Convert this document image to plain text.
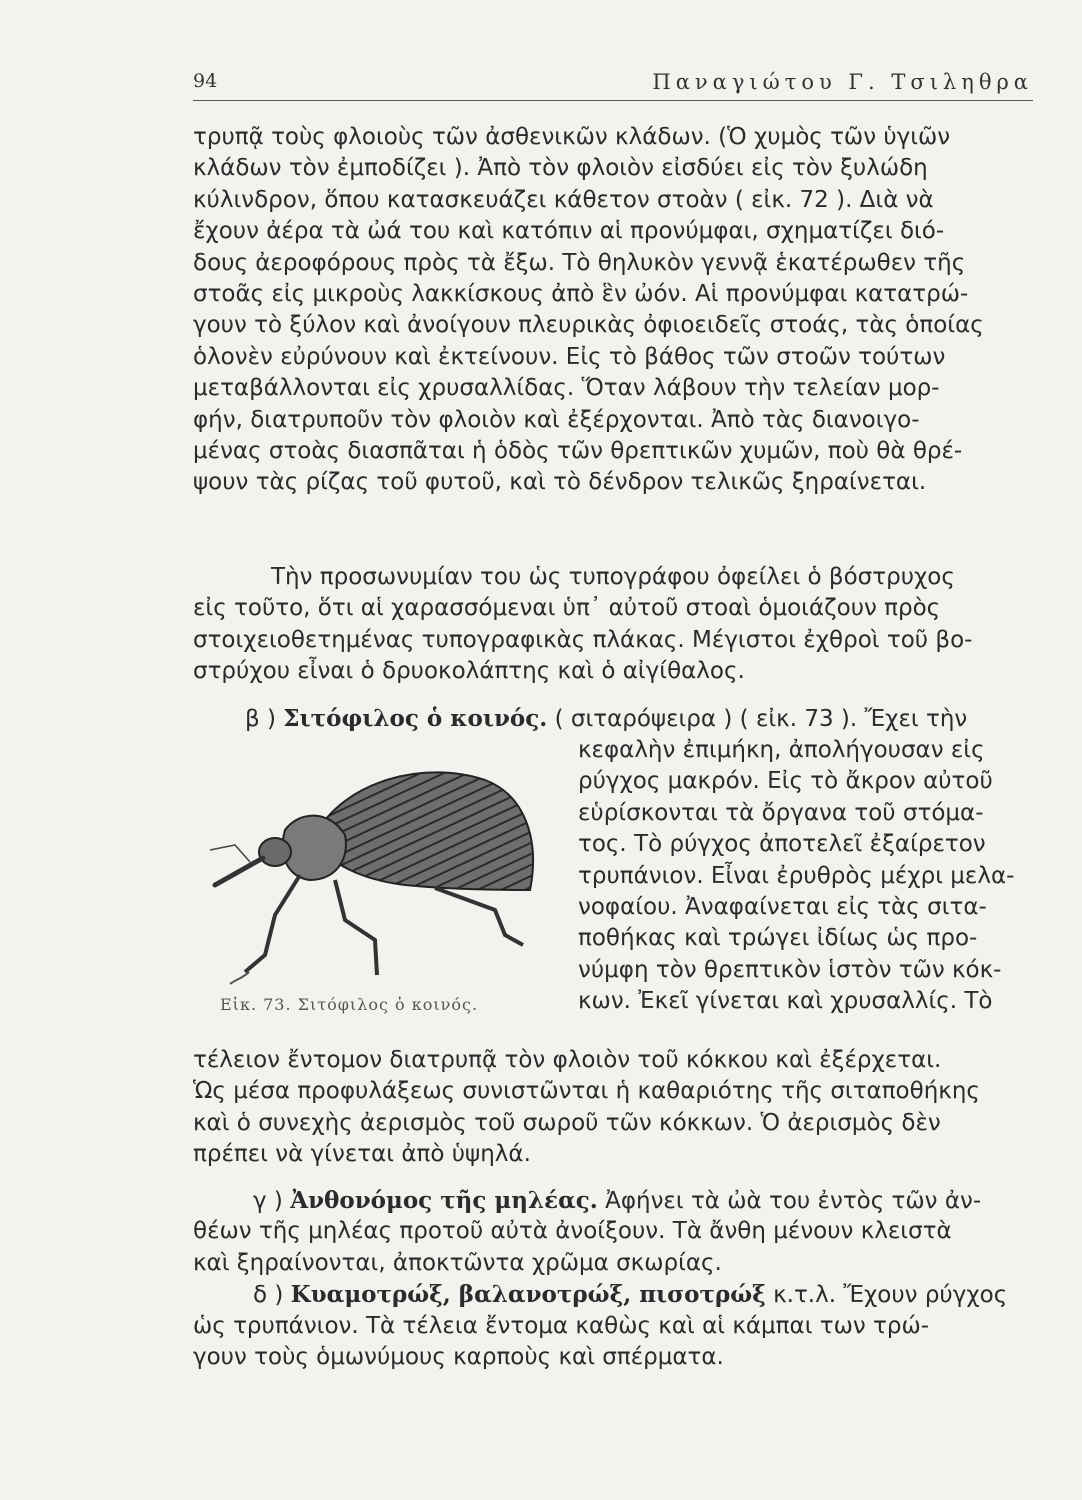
94	Παναγιώτου Γ. Τσιληθρα
τρυπᾷ τοὺς φλοιοὺς τῶν ἀσθενικῶν κλάδων. (Ὁ χυμὸς τῶν ὑγιῶν
κλάδων τὸν ἐμποδίζει ). Ἀπὸ τὸν φλοιὸν εἰσδύει εἰς τὸν ξυλώδη
κύλινδρον, ὅπου κατασκευάζει κάθετον στοὰν ( εἰκ. 72 ). Διὰ νὰ
ἔχουν ἀέρα τὰ ὠά του καὶ κατόπιν αἱ προνύμφαι, σχηματίζει διό-
δους ἀεροφόρους πρὸς τὰ ἔξω. Τὸ θηλυκὸν γεννᾷ ἑκατέρωθεν τῆς
στοᾶς εἰς μικροὺς λακκίσκους ἀπὸ ἓν ὠόν. Αἱ προνύμφαι κατατρώ-
γουν τὸ ξύλον καὶ ἀνοίγουν πλευρικὰς ὀφιοειδεῖς στοάς, τὰς ὁποίας
ὁλονὲν εὐρύνουν καὶ ἐκτείνουν. Εἰς τὸ βάθος τῶν στοῶν τούτων
μεταβάλλονται εἰς χρυσαλλίδας. Ὅταν λάβουν τὴν τελείαν μορ-
φήν, διατρυποῦν τὸν φλοιὸν καὶ ἐξέρχονται. Ἀπὸ τὰς διανοιγο-
μένας στοὰς διασπᾶται ἡ ὁδὸς τῶν θρεπτικῶν χυμῶν, ποὺ θὰ θρέ-
ψουν τὰς ρίζας τοῦ φυτοῦ, καὶ τὸ δένδρον τελικῶς ξηραίνεται.
Τὴν προσωνυμίαν του ὡς τυπογράφου ὀφείλει ὁ βόστρυχος
εἰς τοῦτο, ὅτι αἱ χαρασσόμεναι ὑπ᾽ αὐτοῦ στοαὶ ὁμοιάζουν πρὸς
στοιχειοθετημένας τυπογραφικὰς πλάκας. Μέγιστοι ἐχθροὶ τοῦ βο-
στρύχου εἶναι ὁ δρυοκολάπτης καὶ ὁ αἰγίθαλος.
β ) Σιτόφιλος ὁ κοινός. ( σιταρόψειρα ) ( εἰκ. 73 ). Ἔχει τὴν
κεφαλὴν ἐπιμήκη, ἀπολήγουσαν εἰς
ρύγχος μακρόν. Εἰς τὸ ἄκρον αὐτοῦ
εὑρίσκονται τὰ ὄργανα τοῦ στόμα-
τος. Τὸ ρύγχος ἀποτελεῖ ἐξαίρετον
τρυπάνιον. Εἶναι ἐρυθρὸς μέχρι μελα-
νοφαίου. Ἀναφαίνεται εἰς τὰς σιτα-
ποθήκας καὶ τρώγει ἰδίως ὡς προ-
νύμφη τὸν θρεπτικὸν ἱστὸν τῶν κόκ-
κων. Ἐκεῖ γίνεται καὶ χρυσαλλίς. Τὸ
Εἰκ. 73. Σιτόφιλος ὁ κοινός.
τέλειον ἔντομον διατρυπᾷ τὸν φλοιὸν τοῦ κόκκου καὶ ἐξέρχεται.
Ὡς μέσα προφυλάξεως συνιστῶνται ἡ καθαριότης τῆς σιταποθήκης
καὶ ὁ συνεχὴς ἀερισμὸς τοῦ σωροῦ τῶν κόκκων. Ὁ ἀερισμὸς δὲν
πρέπει νὰ γίνεται ἀπὸ ὑψηλά.
γ ) Ἀνθονόμος τῆς μηλέας. Ἀφήνει τὰ ὠὰ του ἐντὸς τῶν ἀν-
θέων τῆς μηλέας προτοῦ αὐτὰ ἀνοίξουν. Τὰ ἄνθη μένουν κλειστὰ
καὶ ξηραίνονται, ἀποκτῶντα χρῶμα σκωρίας.
δ ) Κυαμοτρώξ, βαλανοτρώξ, πισοτρώξ κ.τ.λ. Ἔχουν ρύγχος
ὡς τρυπάνιον. Τὰ τέλεια ἔντομα καθὼς καὶ αἱ κάμπαι των τρώ-
γουν τοὺς ὁμωνύμους καρποὺς καὶ σπέρματα.
